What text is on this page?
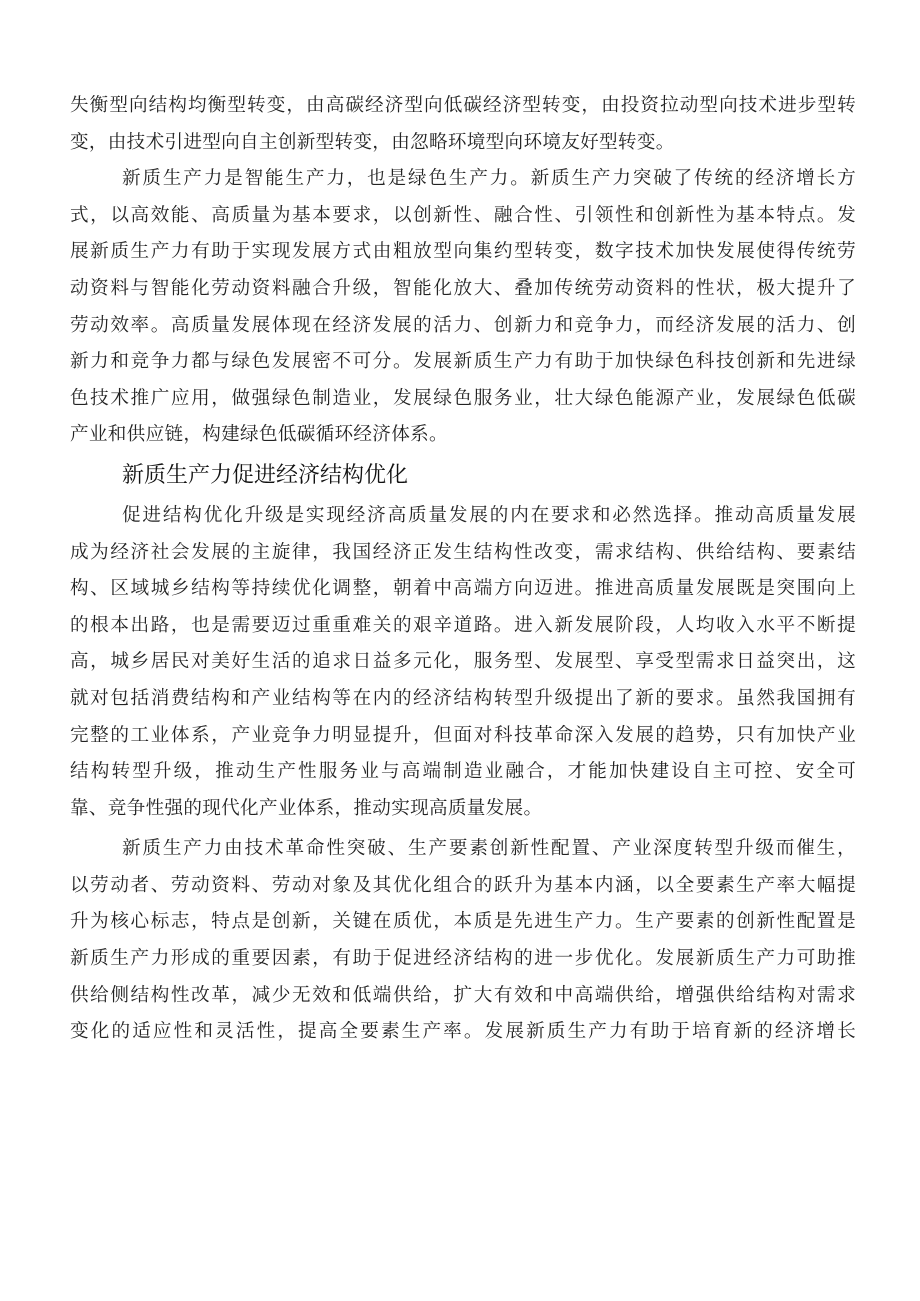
失衡型向结构均衡型转变，由高碳经济型向低碳经济型转变，由投资拉动型向技术进步型转
变，由技术引进型向自主创新型转变，由忽略环境型向环境友好型转变。
新质生产力是智能生产力，也是绿色生产力。新质生产力突破了传统的经济增长方
式，以高效能、高质量为基本要求，以创新性、融合性、引领性和创新性为基本特点。发
展新质生产力有助于实现发展方式由粗放型向集约型转变，数字技术加快发展使得传统劳
动资料与智能化劳动资料融合升级，智能化放大、叠加传统劳动资料的性状，极大提升了
劳动效率。高质量发展体现在经济发展的活力、创新力和竞争力，而经济发展的活力、创
新力和竞争力都与绿色发展密不可分。发展新质生产力有助于加快绿色科技创新和先进绿
色技术推广应用，做强绿色制造业，发展绿色服务业，壮大绿色能源产业，发展绿色低碳
产业和供应链，构建绿色低碳循环经济体系。
新质生产力促进经济结构优化
促进结构优化升级是实现经济高质量发展的内在要求和必然选择。推动高质量发展
成为经济社会发展的主旋律，我国经济正发生结构性改变，需求结构、供给结构、要素结
构、区域城乡结构等持续优化调整，朝着中高端方向迈进。推进高质量发展既是突围向上
的根本出路，也是需要迈过重重难关的艰辛道路。进入新发展阶段，人均收入水平不断提
高，城乡居民对美好生活的追求日益多元化，服务型、发展型、享受型需求日益突出，这
就对包括消费结构和产业结构等在内的经济结构转型升级提出了新的要求。虽然我国拥有
完整的工业体系，产业竞争力明显提升，但面对科技革命深入发展的趋势，只有加快产业
结构转型升级，推动生产性服务业与高端制造业融合，才能加快建设自主可控、安全可
靠、竞争性强的现代化产业体系，推动实现高质量发展。
新质生产力由技术革命性突破、生产要素创新性配置、产业深度转型升级而催生，
以劳动者、劳动资料、劳动对象及其优化组合的跃升为基本内涵，以全要素生产率大幅提
升为核心标志，特点是创新，关键在质优，本质是先进生产力。生产要素的创新性配置是
新质生产力形成的重要因素，有助于促进经济结构的进一步优化。发展新质生产力可助推
供给侧结构性改革，减少无效和低端供给，扩大有效和中高端供给，增强供给结构对需求
变化的适应性和灵活性，提高全要素生产率。发展新质生产力有助于培育新的经济增长
